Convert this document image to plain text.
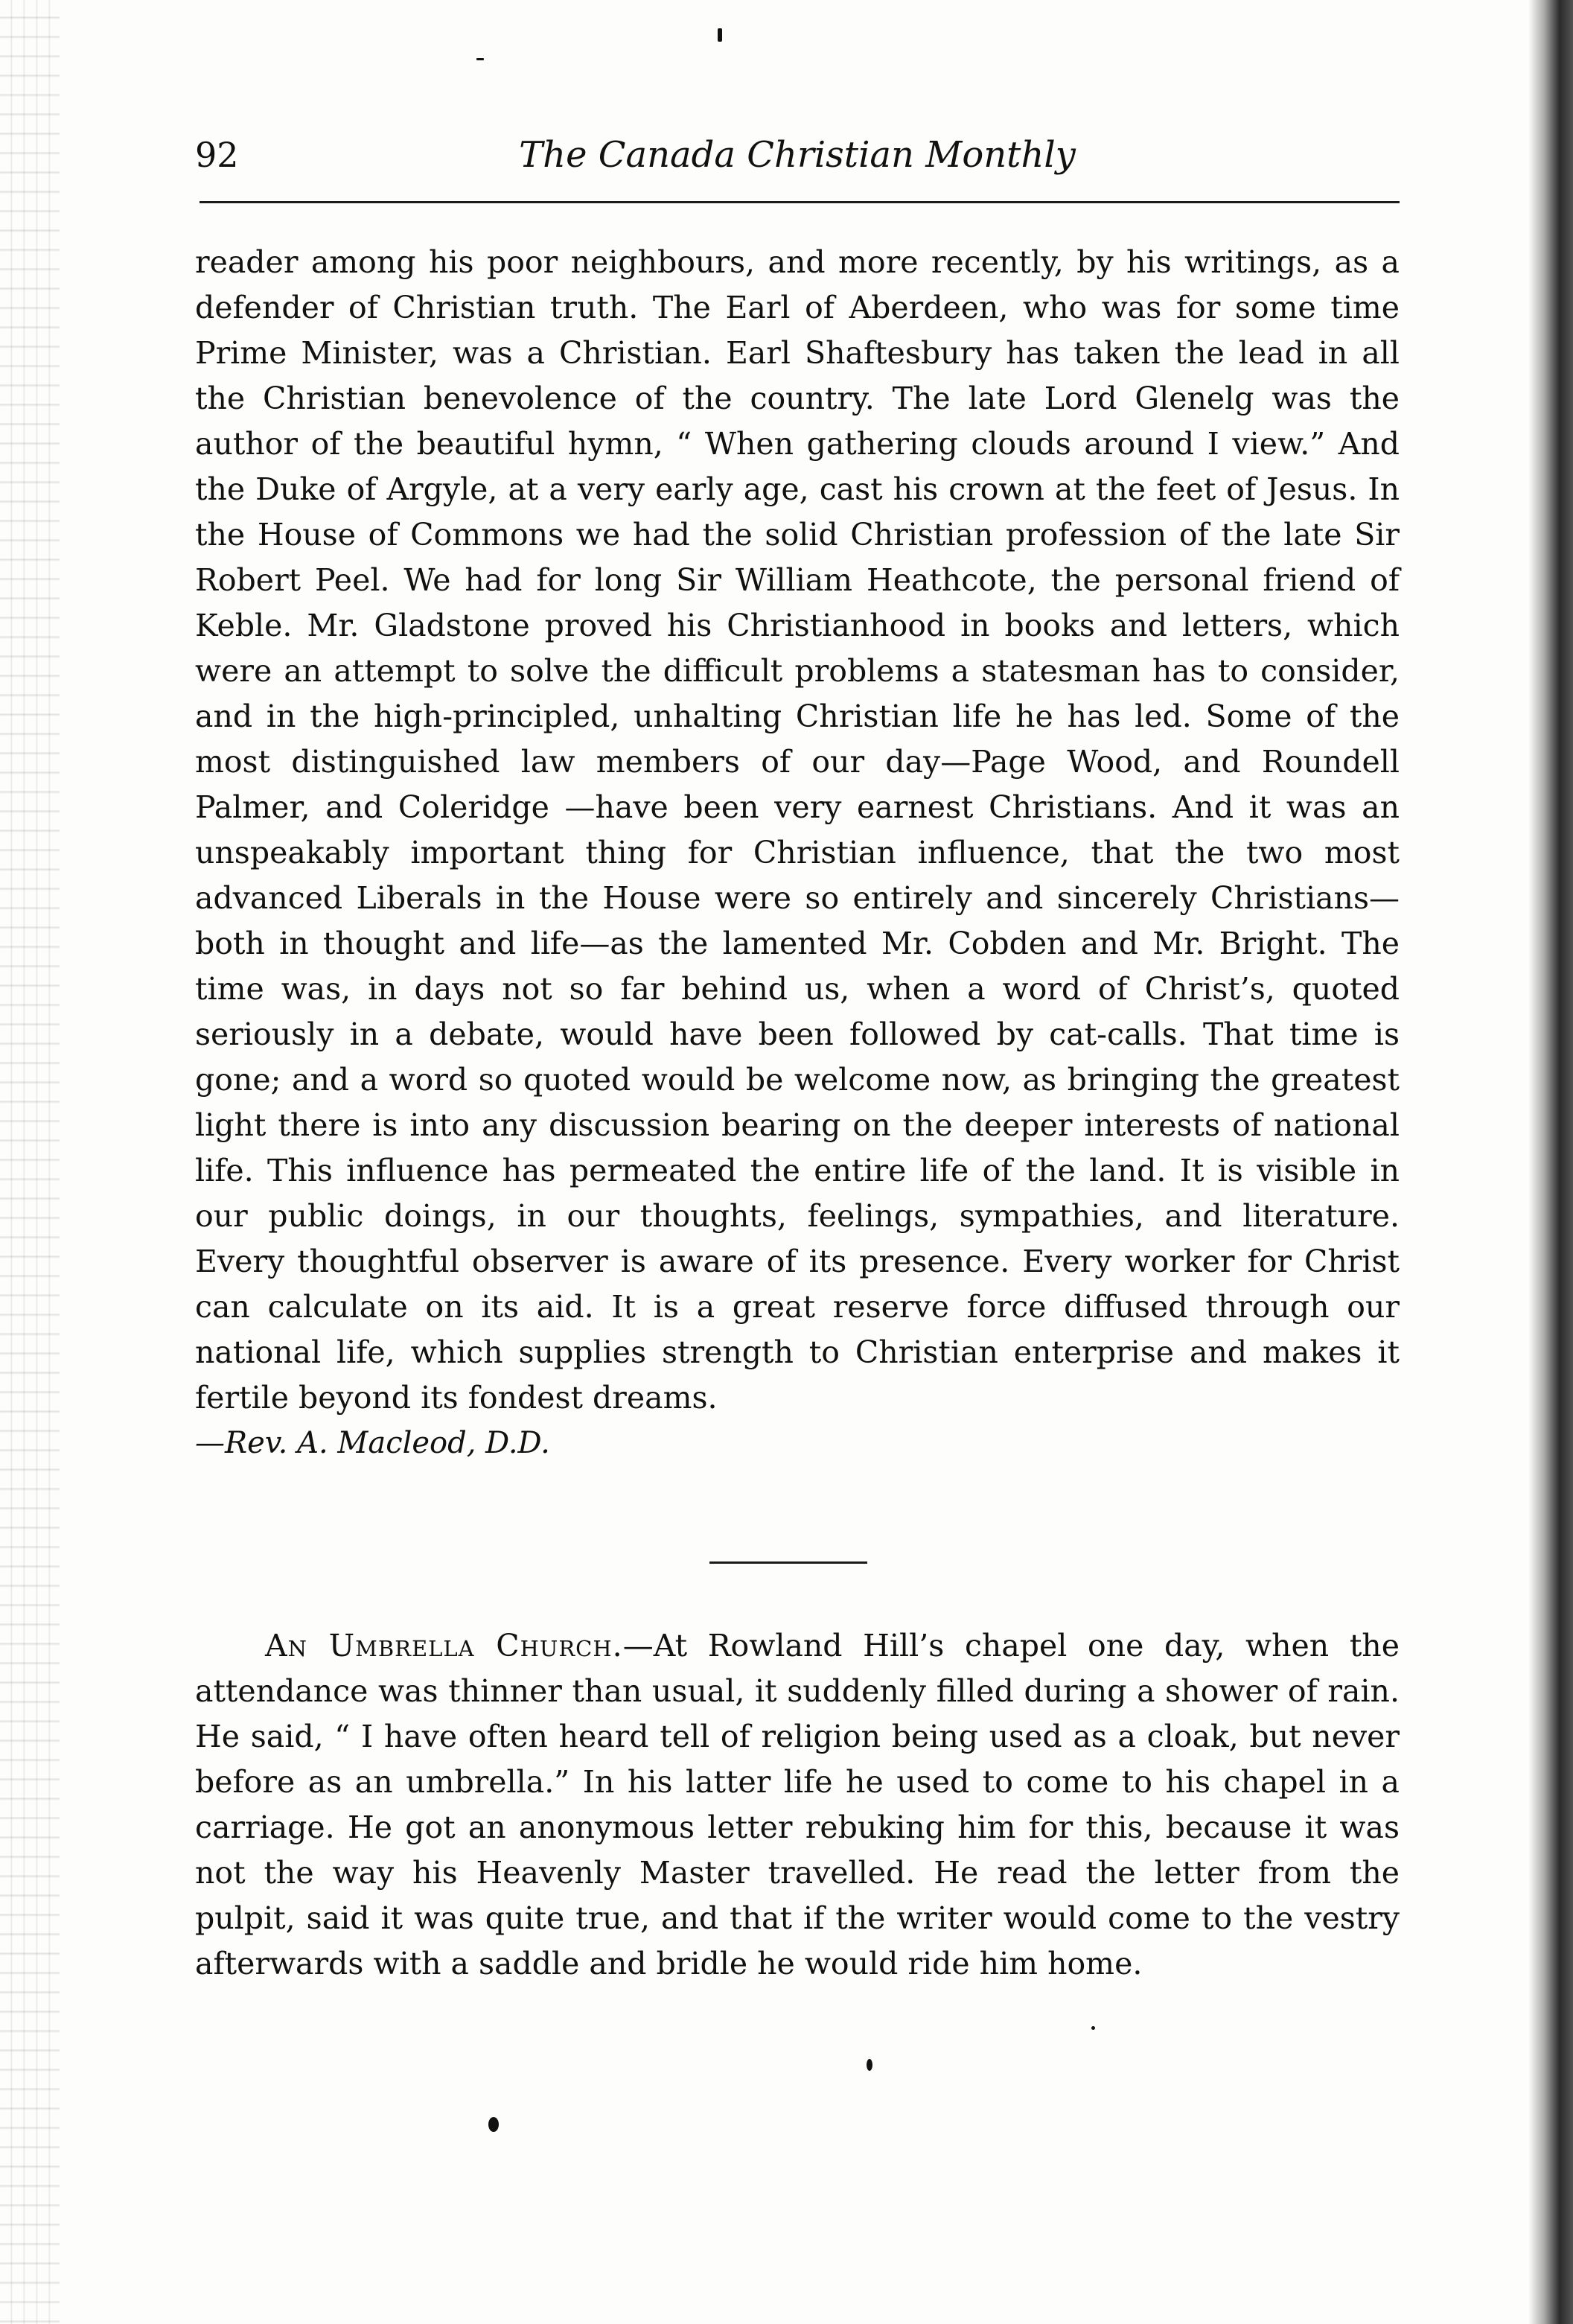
92	The Canada Christian Monthly

reader among his poor neighbours, and more recently, by his writings, as a defender of Christian truth. The Earl of Aberdeen, who was for some time Prime Minister, was a Christian. Earl Shaftesbury has taken the lead in all the Christian benevolence of the country. The late Lord Glenelg was the author of the beautiful hymn, “ When gathering clouds around I view.” And the Duke of Argyle, at a very early age, cast his crown at the feet of Jesus. In the House of Commons we had the solid Christian profession of the late Sir Robert Peel. We had for long Sir William Heathcote, the personal friend of Keble. Mr. Gladstone proved his Christianhood in books and letters, which were an attempt to solve the difficult problems a statesman has to consider, and in the high-principled, unhalting Christian life he has led. Some of the most distinguished law members of our day—Page Wood, and Roundell Palmer, and Coleridge —have been very earnest Christians. And it was an unspeakably important thing for Christian influence, that the two most advanced Liberals in the House were so entirely and sincerely Christians—both in thought and life—as the lamented Mr. Cobden and Mr. Bright. The time was, in days not so far behind us, when a word of Christ’s, quoted seriously in a debate, would have been followed by cat-calls. That time is gone; and a word so quoted would be welcome now, as bringing the greatest light there is into any discussion bearing on the deeper interests of national life. This influence has permeated the entire life of the land. It is visible in our public doings, in our thoughts, feelings, sympathies, and literature. Every thoughtful observer is aware of its presence. Every worker for Christ can calculate on its aid. It is a great reserve force diffused through our national life, which supplies strength to Christian enterprise and makes it fertile beyond its fondest dreams.

—Rev. A. Macleod, D.D.

An Umbrella Church.—At Rowland Hill’s chapel one day, when the attendance was thinner than usual, it suddenly filled during a shower of rain. He said, “ I have often heard tell of religion being used as a cloak, but never before as an umbrella.” In his latter life he used to come to his chapel in a carriage. He got an anonymous letter rebuking him for this, because it was not the way his Heavenly Master travelled. He read the letter from the pulpit, said it was quite true, and that if the writer would come to the vestry afterwards with a saddle and bridle he would ride him home.
